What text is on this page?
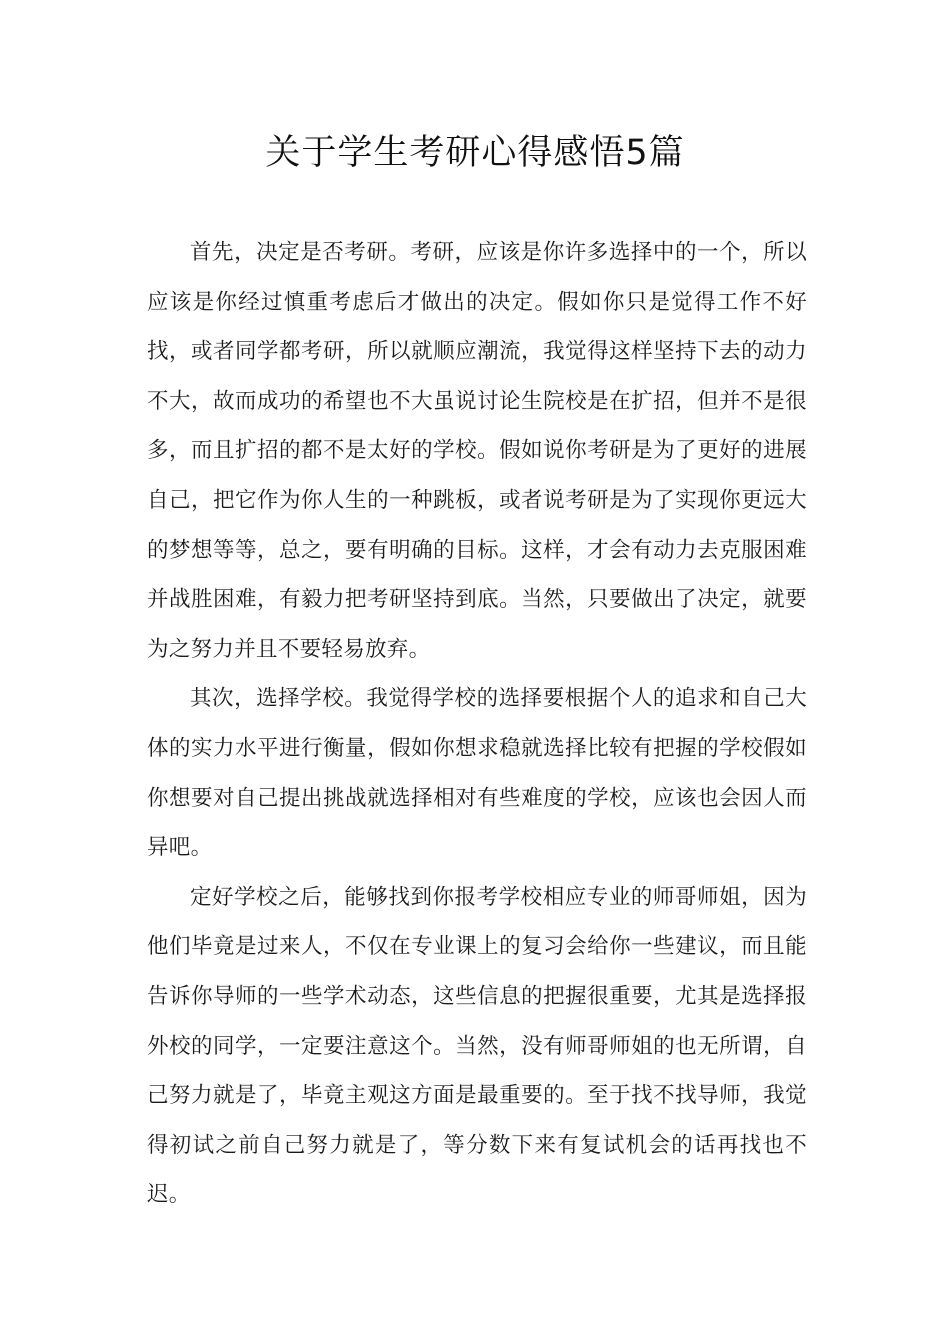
关于学生考研心得感悟5篇

首先，决定是否考研。考研，应该是你许多选择中的一个，所以应该是你经过慎重考虑后才做出的决定。假如你只是觉得工作不好找，或者同学都考研，所以就顺应潮流，我觉得这样坚持下去的动力不大，故而成功的希望也不大虽说讨论生院校是在扩招，但并不是很多，而且扩招的都不是太好的学校。假如说你考研是为了更好的进展自己，把它作为你人生的一种跳板，或者说考研是为了实现你更远大的梦想等等，总之，要有明确的目标。这样，才会有动力去克服困难并战胜困难，有毅力把考研坚持到底。当然，只要做出了决定，就要为之努力并且不要轻易放弃。

其次，选择学校。我觉得学校的选择要根据个人的追求和自己大体的实力水平进行衡量，假如你想求稳就选择比较有把握的学校假如你想要对自己提出挑战就选择相对有些难度的学校，应该也会因人而异吧。

定好学校之后，能够找到你报考学校相应专业的师哥师姐，因为他们毕竟是过来人，不仅在专业课上的复习会给你一些建议，而且能告诉你导师的一些学术动态，这些信息的把握很重要，尤其是选择报外校的同学，一定要注意这个。当然，没有师哥师姐的也无所谓，自己努力就是了，毕竟主观这方面是最重要的。至于找不找导师，我觉得初试之前自己努力就是了，等分数下来有复试机会的话再找也不迟。
